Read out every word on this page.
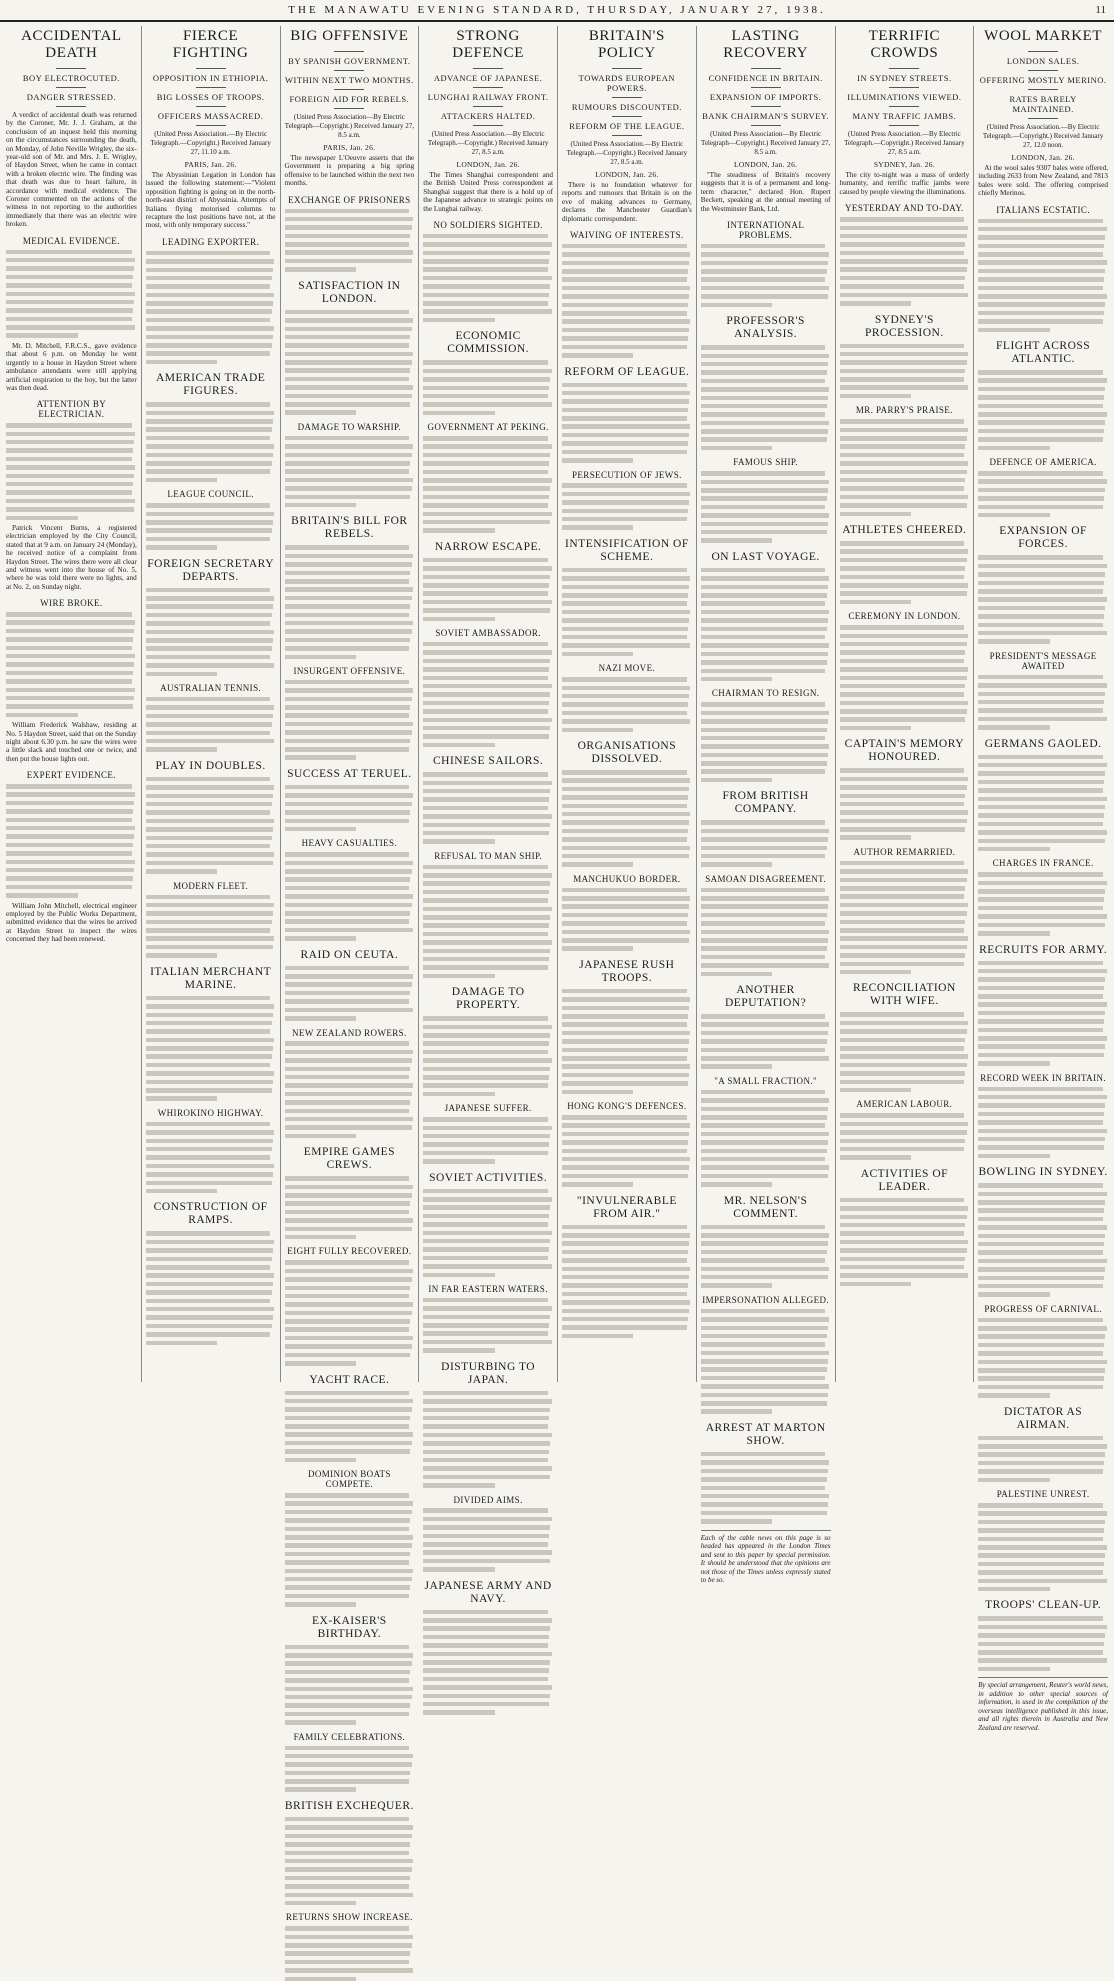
THE MANAWATU EVENING STANDARD, THURSDAY, JANUARY 27, 1938.	11
ACCIDENTAL DEATH
BOY ELECTROCUTED.
DANGER STRESSED.
A verdict of accidental death was returned by the Coroner, Mr. J. J. Graham, at the conclusion of an inquest held this morning on the circumstances surrounding the death, on Monday, of John Neville Wrigley, the six-year-old son of Mr. and Mrs. J. E. Wrigley, of Haydon Street, when he came in contact with a broken electric wire. The finding was that death was due to heart failure, in accordance with medical evidence. The Coroner commented on the actions of the witness in not reporting to the authorities immediately that there was an electric wire broken.
MEDICAL EVIDENCE.
Mr. D. Mitchell, F.R.C.S., gave evidence that about 6 p.m. on Monday he went urgently to a house in Haydon Street where ambulance attendants were still applying artificial respiration to the boy, but the latter was then dead.
ATTENTION BY ELECTRICIAN.
Patrick Vincent Burns, a registered electrician employed by the City Council, stated that at 9 a.m. on January 24 (Monday), he received notice of a complaint from Haydon Street. The wires there were all clear and witness went into the house of No. 5, where he was told there were no lights, and at No. 2, on Sunday night.
WIRE BROKE.
William Frederick Walshaw, residing at No. 5 Haydon Street, said that on the Sunday night about 6.30 p.m. he saw the wires were a little slack and touched one or twice, and then put the house lights out.
EXPERT EVIDENCE.
William John Mitchell, electrical engineer employed by the Public Works Department, submitted evidence that the wires he arrived at Haydon Street to inspect the wires concerned they had been renewed.
FIERCE FIGHTING
OPPOSITION IN ETHIOPIA.
BIG LOSSES OF TROOPS.
OFFICERS MASSACRED.
(United Press Association.—By Electric Telegraph.—Copyright.) Received January 27, 11.10 a.m.
PARIS, Jan. 26.
The Abyssinian Legation in London has issued the following statement:—"Violent opposition fighting is going on in the north-north-east district of Abyssinia. Attempts of Italians flying motorised columns to recapture the lost positions have not, at the most, with only temporary success."
LEADING EXPORTER.
AMERICAN TRADE FIGURES.
LEAGUE COUNCIL.
FOREIGN SECRETARY DEPARTS.
AUSTRALIAN TENNIS.
PLAY IN DOUBLES.
MODERN FLEET.
ITALIAN MERCHANT MARINE.
WHIROKINO HIGHWAY.
CONSTRUCTION OF RAMPS.
BIG OFFENSIVE
BY SPANISH GOVERNMENT.
WITHIN NEXT TWO MONTHS.
FOREIGN AID FOR REBELS.
(United Press Association—By Electric Telegraph—Copyright.) Received January 27, 8.5 a.m.
PARIS, Jan. 26.
The newspaper L'Oeuvre asserts that the Government is preparing a big spring offensive to be launched within the next two months.
EXCHANGE OF PRISONERS
SATISFACTION IN LONDON.
DAMAGE TO WARSHIP.
BRITAIN'S BILL FOR REBELS.
INSURGENT OFFENSIVE.
SUCCESS AT TERUEL.
HEAVY CASUALTIES.
RAID ON CEUTA.
NEW ZEALAND ROWERS.
EMPIRE GAMES CREWS.
EIGHT FULLY RECOVERED.
YACHT RACE.
DOMINION BOATS COMPETE.
EX-KAISER'S BIRTHDAY.
FAMILY CELEBRATIONS.
BRITISH EXCHEQUER.
RETURNS SHOW INCREASE.
STRONG DEFENCE
ADVANCE OF JAPANESE.
LUNGHAI RAILWAY FRONT.
ATTACKERS HALTED.
(United Press Association.—By Electric Telegraph.—Copyright.) Received January 27, 8.5 a.m.
LONDON, Jan. 26.
The Times Shanghai correspondent and the British United Press correspondent at Shanghai suggest that there is a hold up of the Japanese advance to strategic points on the Lunghai railway.
NO SOLDIERS SIGHTED.
ECONOMIC COMMISSION.
GOVERNMENT AT PEKING.
NARROW ESCAPE.
SOVIET AMBASSADOR.
CHINESE SAILORS.
REFUSAL TO MAN SHIP.
DAMAGE TO PROPERTY.
JAPANESE SUFFER.
SOVIET ACTIVITIES.
IN FAR EASTERN WATERS.
DISTURBING TO JAPAN.
DIVIDED AIMS.
JAPANESE ARMY AND NAVY.
BRITAIN'S POLICY
TOWARDS EUROPEAN POWERS.
RUMOURS DISCOUNTED.
REFORM OF THE LEAGUE.
(United Press Association.—By Electric Telegraph.—Copyright.) Received January 27, 8.5 a.m.
LONDON, Jan. 26.
There is no foundation whatever for reports and rumours that Britain is on the eve of making advances to Germany, declares the Manchester Guardian's diplomatic correspondent.
WAIVING OF INTERESTS.
REFORM OF LEAGUE.
PERSECUTION OF JEWS.
INTENSIFICATION OF SCHEME.
NAZI MOVE.
ORGANISATIONS DISSOLVED.
MANCHUKUO BORDER.
JAPANESE RUSH TROOPS.
HONG KONG'S DEFENCES.
"INVULNERABLE FROM AIR."
LASTING RECOVERY
CONFIDENCE IN BRITAIN.
EXPANSION OF IMPORTS.
BANK CHAIRMAN'S SURVEY.
(United Press Association—By Electric Telegraph—Copyright.) Received January 27, 8.5 a.m.
LONDON, Jan. 26.
"The steadiness of Britain's recovery suggests that it is of a permanent and long-term character," declared Hon. Rupert Beckett, speaking at the annual meeting of the Westminster Bank, Ltd.
INTERNATIONAL PROBLEMS.
PROFESSOR'S ANALYSIS.
FAMOUS SHIP.
ON LAST VOYAGE.
CHAIRMAN TO RESIGN.
FROM BRITISH COMPANY.
SAMOAN DISAGREEMENT.
ANOTHER DEPUTATION?
"A SMALL FRACTION."
MR. NELSON'S COMMENT.
IMPERSONATION ALLEGED.
ARREST AT MARTON SHOW.
Each of the cable news on this page is so headed has appeared in the London Times and sent to this paper by special permission. It should be understood that the opinions are not those of the Times unless expressly stated to be so.
TERRIFIC CROWDS
IN SYDNEY STREETS.
ILLUMINATIONS VIEWED.
MANY TRAFFIC JAMBS.
(United Press Association.—By Electric Telegraph.—Copyright.) Received January 27, 8.5 a.m.
SYDNEY, Jan. 26.
The city to-night was a mass of orderly humanity, and terrific traffic jambs were caused by people viewing the illuminations.
YESTERDAY AND TO-DAY.
SYDNEY'S PROCESSION.
MR. PARRY'S PRAISE.
ATHLETES CHEERED.
CEREMONY IN LONDON.
CAPTAIN'S MEMORY HONOURED.
AUTHOR REMARRIED.
RECONCILIATION WITH WIFE.
AMERICAN LABOUR.
ACTIVITIES OF LEADER.
WOOL MARKET
LONDON SALES.
OFFERING MOSTLY MERINO.
RATES BARELY MAINTAINED.
(United Press Association.—By Electric Telegraph.—Copyright.) Received January 27, 12.0 noon.
LONDON, Jan. 26.
At the wool sales 9307 bales were offered, including 2633 from New Zealand, and 7813 bales were sold. The offering comprised chiefly Merinos.
ITALIANS ECSTATIC.
FLIGHT ACROSS ATLANTIC.
DEFENCE OF AMERICA.
EXPANSION OF FORCES.
PRESIDENT'S MESSAGE AWAITED
GERMANS GAOLED.
CHARGES IN FRANCE.
RECRUITS FOR ARMY.
RECORD WEEK IN BRITAIN.
BOWLING IN SYDNEY.
PROGRESS OF CARNIVAL.
DICTATOR AS AIRMAN.
PALESTINE UNREST.
TROOPS' CLEAN-UP.
By special arrangement, Reuter's world news, in addition to other special sources of information, is used in the compilation of the overseas intelligence published in this issue, and all rights therein in Australia and New Zealand are reserved.
